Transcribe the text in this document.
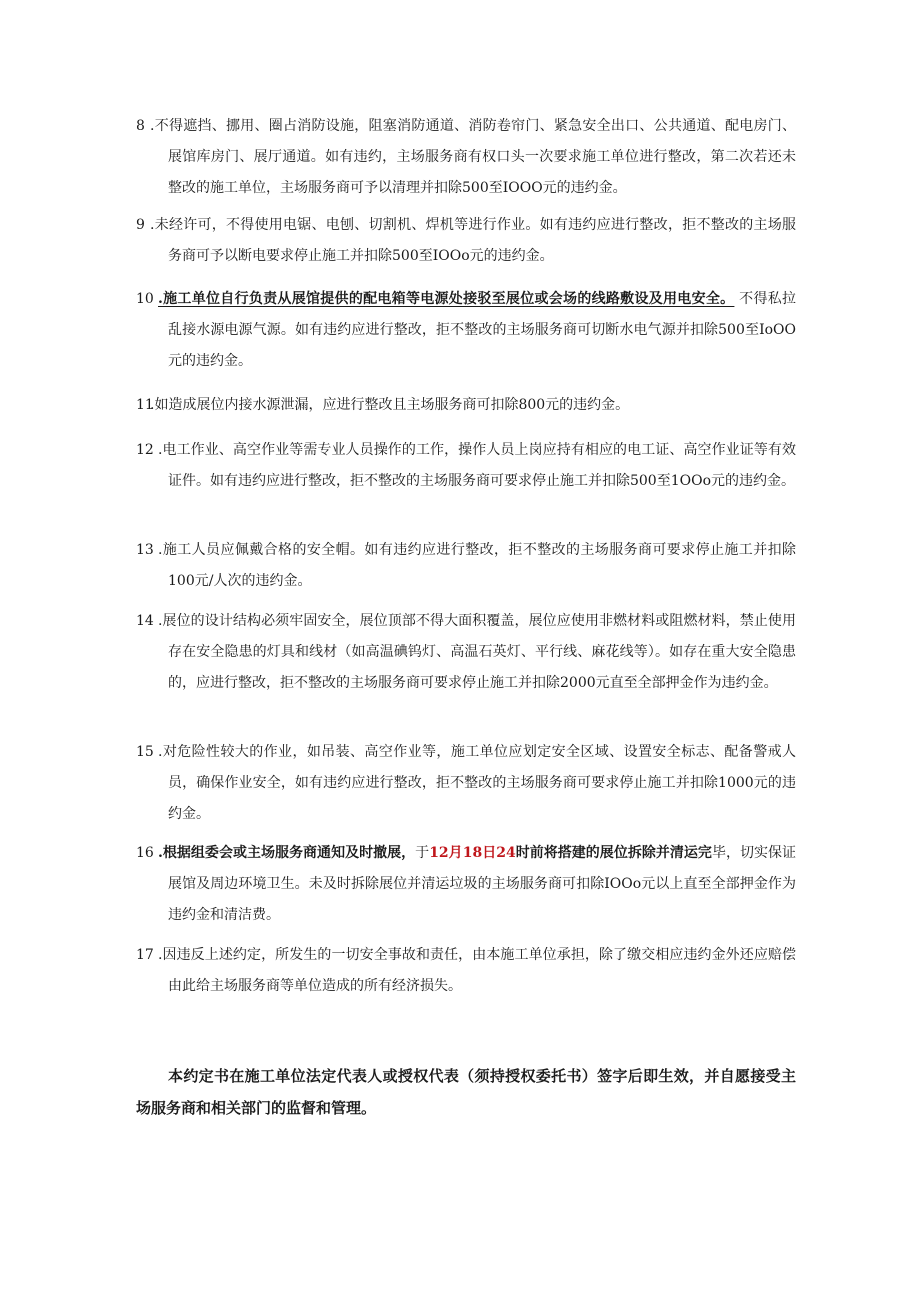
8 .不得遮挡、挪用、圈占消防设施，阻塞消防通道、消防卷帘门、紧急安全出口、公共通道、配电房门、展馆库房门、展厅通道。如有违约，主场服务商有权口头一次要求施工单位进行整改，第二次若还未整改的施工单位，主场服务商可予以清理并扣除500至IOOO元的违约金。
9 .未经许可，不得使用电锯、电刨、切割机、焊机等进行作业。如有违约应进行整改，拒不整改的主场服务商可予以断电要求停止施工并扣除500至IOOo元的违约金。
10 .施工单位自行负责从展馆提供的配电箱等电源处接驳至展位或会场的线路敷设及用电安全。 不得私拉乱接水源电源气源。如有违约应进行整改，拒不整改的主场服务商可切断水电气源并扣除500至IoOO元的违约金。
11
.如造成展位内接水源泄漏，应进行整改且主场服务商可扣除800元的违约金。
12 .电工作业、高空作业等需专业人员操作的工作，操作人员上岗应持有相应的电工证、高空作业证等有效证件。如有违约应进行整改，拒不整改的主场服务商可要求停止施工并扣除500至1OOo元的违约金。
13 .施工人员应佩戴合格的安全帽。如有违约应进行整改，拒不整改的主场服务商可要求停止施工并扣除100元/人次的违约金。
14 .展位的设计结构必须牢固安全，展位顶部不得大面积覆盖，展位应使用非燃材料或阻燃材料，禁止使用存在安全隐患的灯具和线材（如高温碘钨灯、高温石英灯、平行线、麻花线等）。如存在重大安全隐患的，应进行整改，拒不整改的主场服务商可要求停止施工并扣除2000元直至全部押金作为违约金。
15 .对危险性较大的作业，如吊装、高空作业等，施工单位应划定安全区域、设置安全标志、配备警戒人员，确保作业安全，如有违约应进行整改，拒不整改的主场服务商可要求停止施工并扣除1000元的违约金。
16 .根据组委会或主场服务商通知及时撤展，于12月18日24时前将搭建的展位拆除并清运完毕，切实保证展馆及周边环境卫生。未及时拆除展位并清运垃圾的主场服务商可扣除IOOo元以上直至全部押金作为违约金和清洁费。
17 .因违反上述约定，所发生的一切安全事故和责任，由本施工单位承担，除了缴交相应违约金外还应赔偿由此给主场服务商等单位造成的所有经济损失。
本约定书在施工单位法定代表人或授权代表（须持授权委托书）签字后即生效，并自愿接受主场服务商和相关部门的监督和管理。
